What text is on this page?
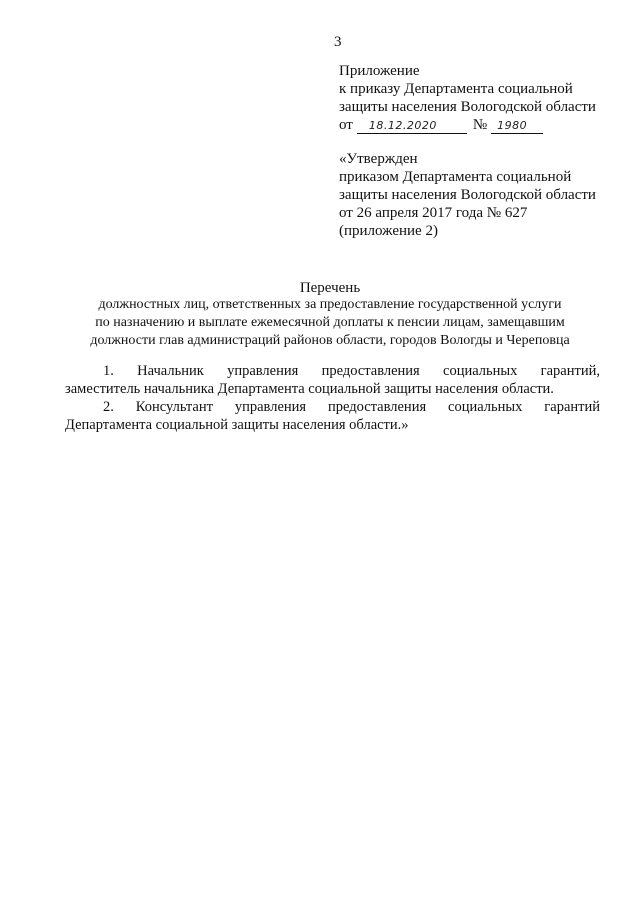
3
Приложение
к приказу Департамента социальной
защиты населения Вологодской области
от	18.12.2020	№ 1980
«Утвержден
приказом Департамента социальной
защиты населения Вологодской области
от 26 апреля 2017 года № 627
(приложение 2)
Перечень
должностных лиц, ответственных за предоставление государственной услуги
по назначению и выплате ежемесячной доплаты к пенсии лицам, замещавшим
должности глав администраций районов области, городов Вологды и Череповца
1. Начальник управления предоставления социальных гарантий,
заместитель начальника Департамента социальной защиты населения области.
2. Консультант управления предоставления социальных гарантий
Департамента социальной защиты населения области.»
